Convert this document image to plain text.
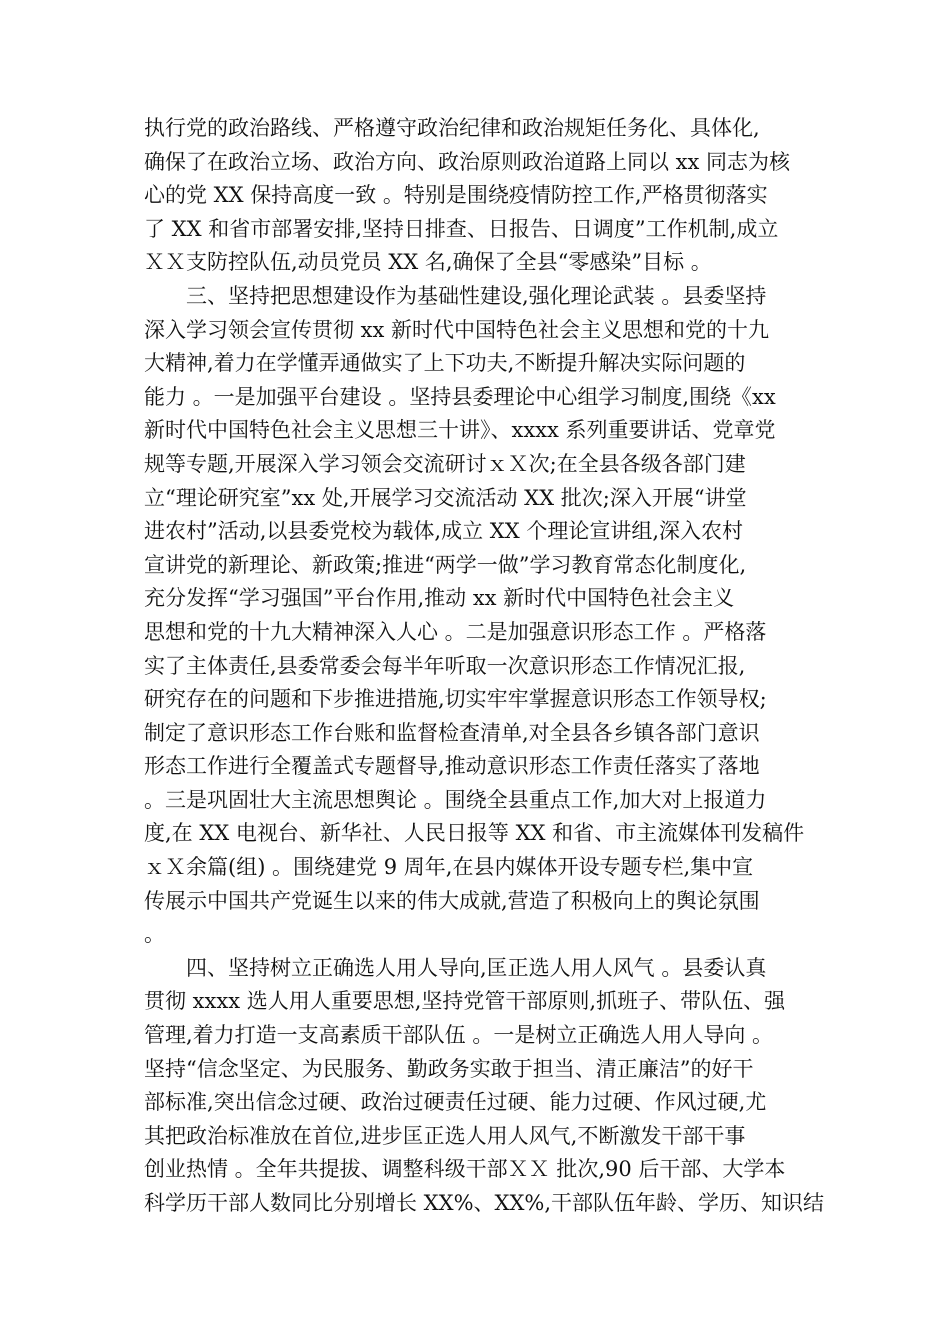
执行党的政治路线、严格遵守政治纪律和政治规矩任务化、具体化,
确保了在政治立场、政治方向、政治原则政治道路上同以 xx 同志为核
心的党 XX 保持高度一致 。特别是围绕疫情防控工作,严格贯彻落实
了 XX 和省市部署安排,坚持日排查、日报告、日调度”工作机制,成立
ＸＸ支防控队伍,动员党员 XX 名,确保了全县“零感染”目标 。
三、坚持把思想建设作为基础性建设,强化理论武装 。县委坚持
深入学习领会宣传贯彻 xx 新时代中国特色社会主义思想和党的十九
大精神,着力在学懂弄通做实了上下功夫,不断提升解决实际问题的
能力 。一是加强平台建设 。坚持县委理论中心组学习制度,围绕《xx
新时代中国特色社会主义思想三十讲》、xxxx 系列重要讲话、党章党
规等专题,开展深入学习领会交流研讨ｘＸ次;在全县各级各部门建
立“理论研究室”xx 处,开展学习交流活动 XX 批次;深入开展“讲堂
进农村”活动,以县委党校为载体,成立 XX 个理论宣讲组,深入农村
宣讲党的新理论、新政策;推进“两学一做”学习教育常态化制度化,
充分发挥“学习强国”平台作用,推动 xx 新时代中国特色社会主义
思想和党的十九大精神深入人心 。二是加强意识形态工作 。严格落
实了主体责任,县委常委会每半年听取一次意识形态工作情况汇报,
研究存在的问题和下步推进措施,切实牢牢掌握意识形态工作领导权;
制定了意识形态工作台账和监督检查清单,对全县各乡镇各部门意识
形态工作进行全覆盖式专题督导,推动意识形态工作责任落实了落地
。三是巩固壮大主流思想舆论 。围绕全县重点工作,加大对上报道力
度,在 XX 电视台、新华社、人民日报等 XX 和省、市主流媒体刊发稿件
ｘＸ余篇(组) 。围绕建党 9 周年,在县内媒体开设专题专栏,集中宣
传展示中国共产党诞生以来的伟大成就,营造了积极向上的舆论氛围
。
四、坚持树立正确选人用人导向,匡正选人用人风气 。县委认真
贯彻 xxxx 选人用人重要思想,坚持党管干部原则,抓班子、带队伍、强
管理,着力打造一支高素质干部队伍 。一是树立正确选人用人导向 。
坚持“信念坚定、为民服务、勤政务实敢于担当、清正廉洁”的好干
部标准,突出信念过硬、政治过硬责任过硬、能力过硬、作风过硬,尤
其把政治标准放在首位,进步匡正选人用人风气,不断激发干部干事
创业热情 。全年共提拔、调整科级干部ＸＸ 批次,90 后干部、大学本
科学历干部人数同比分别增长 XX%、XX%,干部队伍年龄、学历、知识结
